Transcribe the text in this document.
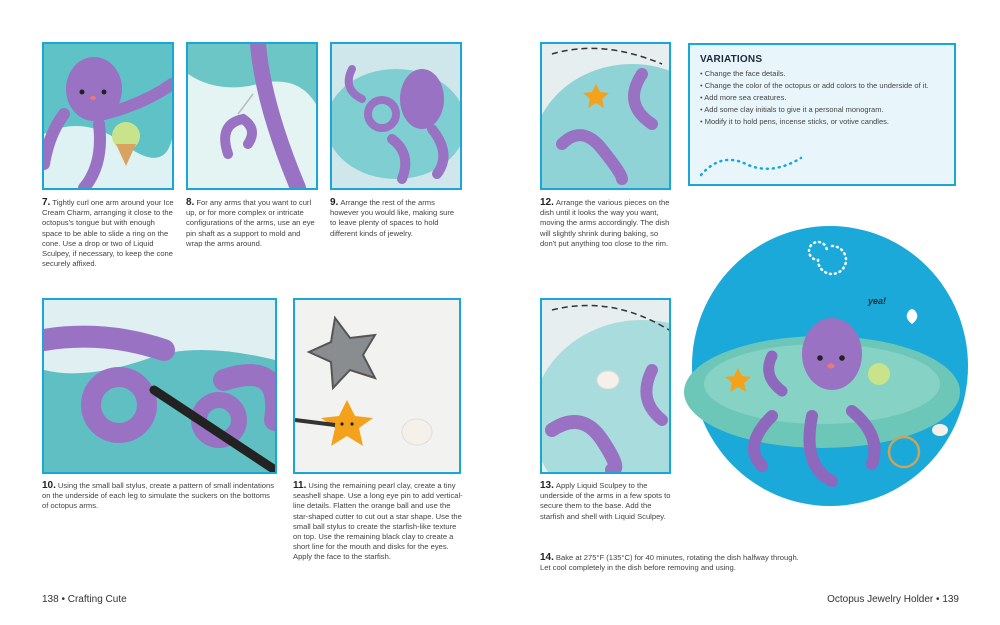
7. Tightly curl one arm around your Ice Cream Charm, arranging it close to the octopus's tongue but with enough space to be able to slide a ring on the cone. Use a drop or two of Liquid Sculpey, if necessary, to keep the cone securely affixed.
8. For any arms that you want to curl up, or for more complex or intricate configurations of the arms, use an eye pin shaft as a support to mold and wrap the arms around.
9. Arrange the rest of the arms however you would like, making sure to leave plenty of spaces to hold different kinds of jewelry.
10. Using the small ball stylus, create a pattern of small indentations on the underside of each leg to simulate the suckers on the bottoms of octopus arms.
11. Using the remaining pearl clay, create a tiny seashell shape. Use a long eye pin to add vertical-line details. Flatten the orange ball and use the star-shaped cutter to cut out a star shape. Use the small ball stylus to create the starfish-like texture on top. Use the remaining black clay to create a short line for the mouth and disks for the eyes. Apply the face to the starfish.
138 • Crafting Cute
12. Arrange the various pieces on the dish until it looks the way you want, moving the arms accordingly. The dish will slightly shrink during baking, so don't put anything too close to the rim.
VARIATIONS
• Change the face details.
• Change the color of the octopus or add colors to the underside of it.
• Add more sea creatures.
• Add some clay initials to give it a personal monogram.
• Modify it to hold pens, incense sticks, or votive candles.
yea!
13. Apply Liquid Sculpey to the underside of the arms in a few spots to secure them to the base. Add the starfish and shell with Liquid Sculpey.
14. Bake at 275°F (135°C) for 40 minutes, rotating the dish halfway through. Let cool completely in the dish before removing and using.
Octopus Jewelry Holder • 139
